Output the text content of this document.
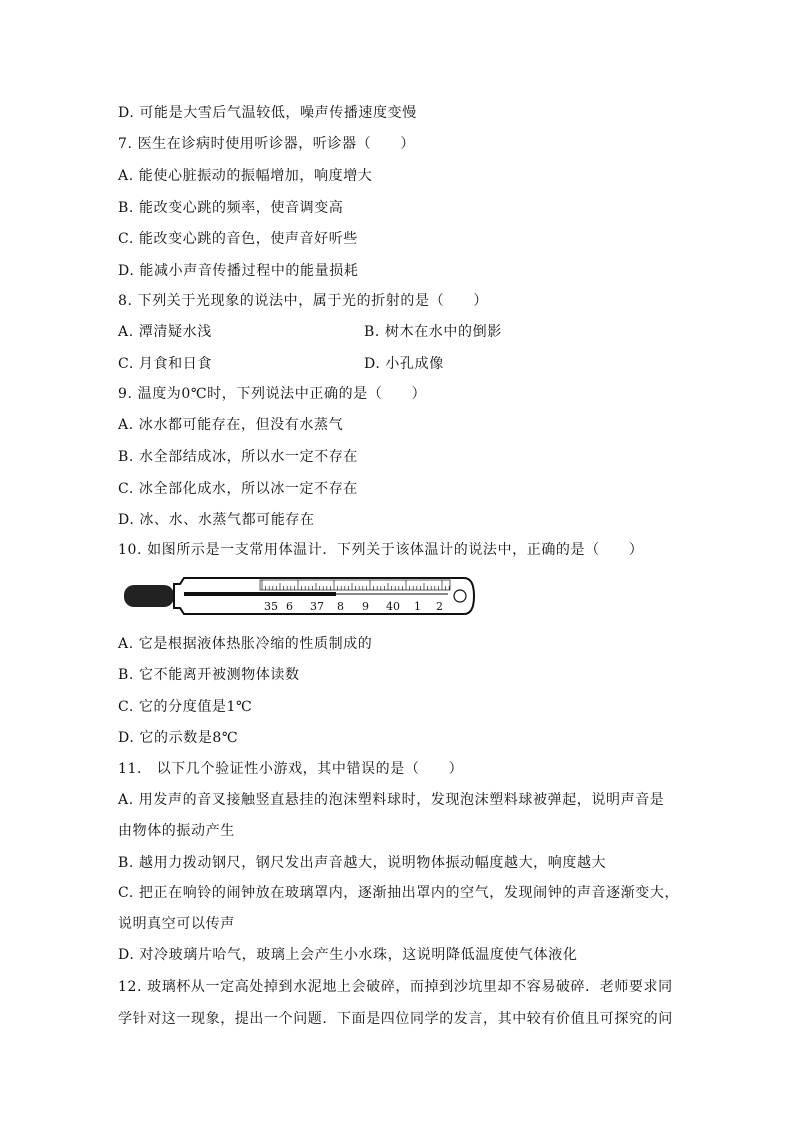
D. 可能是大雪后气温较低，噪声传播速度变慢
7. 医生在诊病时使用听诊器，听诊器（　　）
A. 能使心脏振动的振幅增加，响度增大
B. 能改变心跳的频率，使音调变高
C. 能改变心跳的音色，使声音好听些
D. 能减小声音传播过程中的能量损耗
8. 下列关于光现象的说法中，属于光的折射的是（　　）
A. 潭清疑水浅	B. 树木在水中的倒影
C. 月食和日食	D. 小孔成像
9. 温度为0℃时，下列说法中正确的是（　　）
A. 冰水都可能存在，但没有水蒸气
B. 水全部结成冰，所以水一定不存在
C. 冰全部化成水，所以冰一定不存在
D. 冰、水、水蒸气都可能存在
10. 如图所示是一支常用体温计．下列关于该体温计的说法中，正确的是（　　）
35 6 37 8 9 40 1 2
A. 它是根据液体热胀冷缩的性质制成的
B. 它不能离开被测物体读数
C. 它的分度值是1℃
D. 它的示数是8℃
11． 以下几个验证性小游戏，其中错误的是（　　）
A. 用发声的音叉接触竖直悬挂的泡沫塑料球时，发现泡沫塑料球被弹起，说明声音是
由物体的振动产生
B. 越用力拨动钢尺，钢尺发出声音越大，说明物体振动幅度越大，响度越大
C. 把正在响铃的闹钟放在玻璃罩内，逐渐抽出罩内的空气，发现闹钟的声音逐渐变大，
说明真空可以传声
D. 对冷玻璃片哈气，玻璃上会产生小水珠，这说明降低温度使气体液化
12. 玻璃杯从一定高处掉到水泥地上会破碎，而掉到沙坑里却不容易破碎．老师要求同
学针对这一现象，提出一个问题．下面是四位同学的发言，其中较有价值且可探究的问
